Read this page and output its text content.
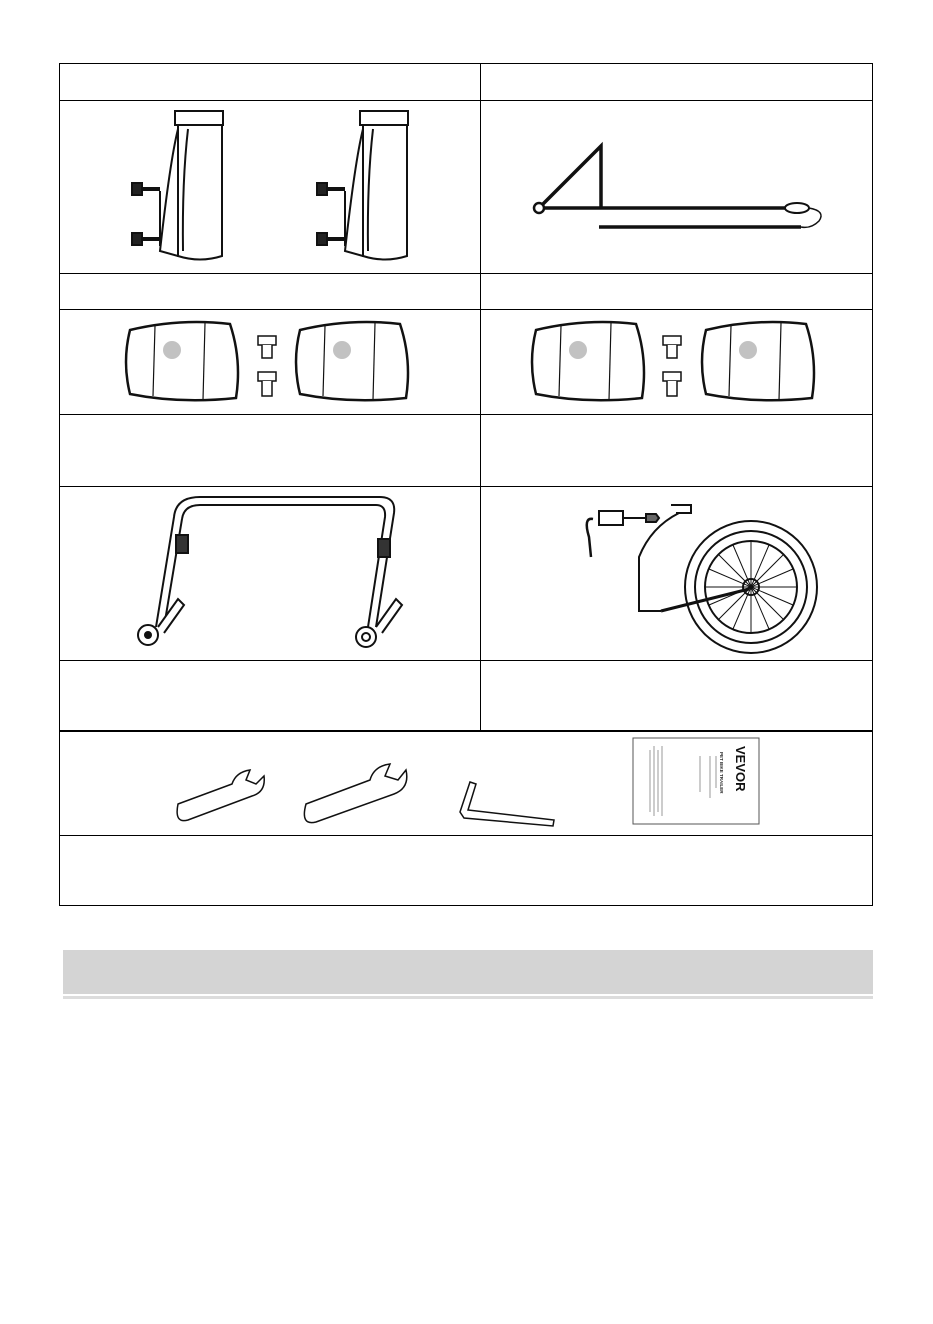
VEVOR
PET BIKE TRAILER
